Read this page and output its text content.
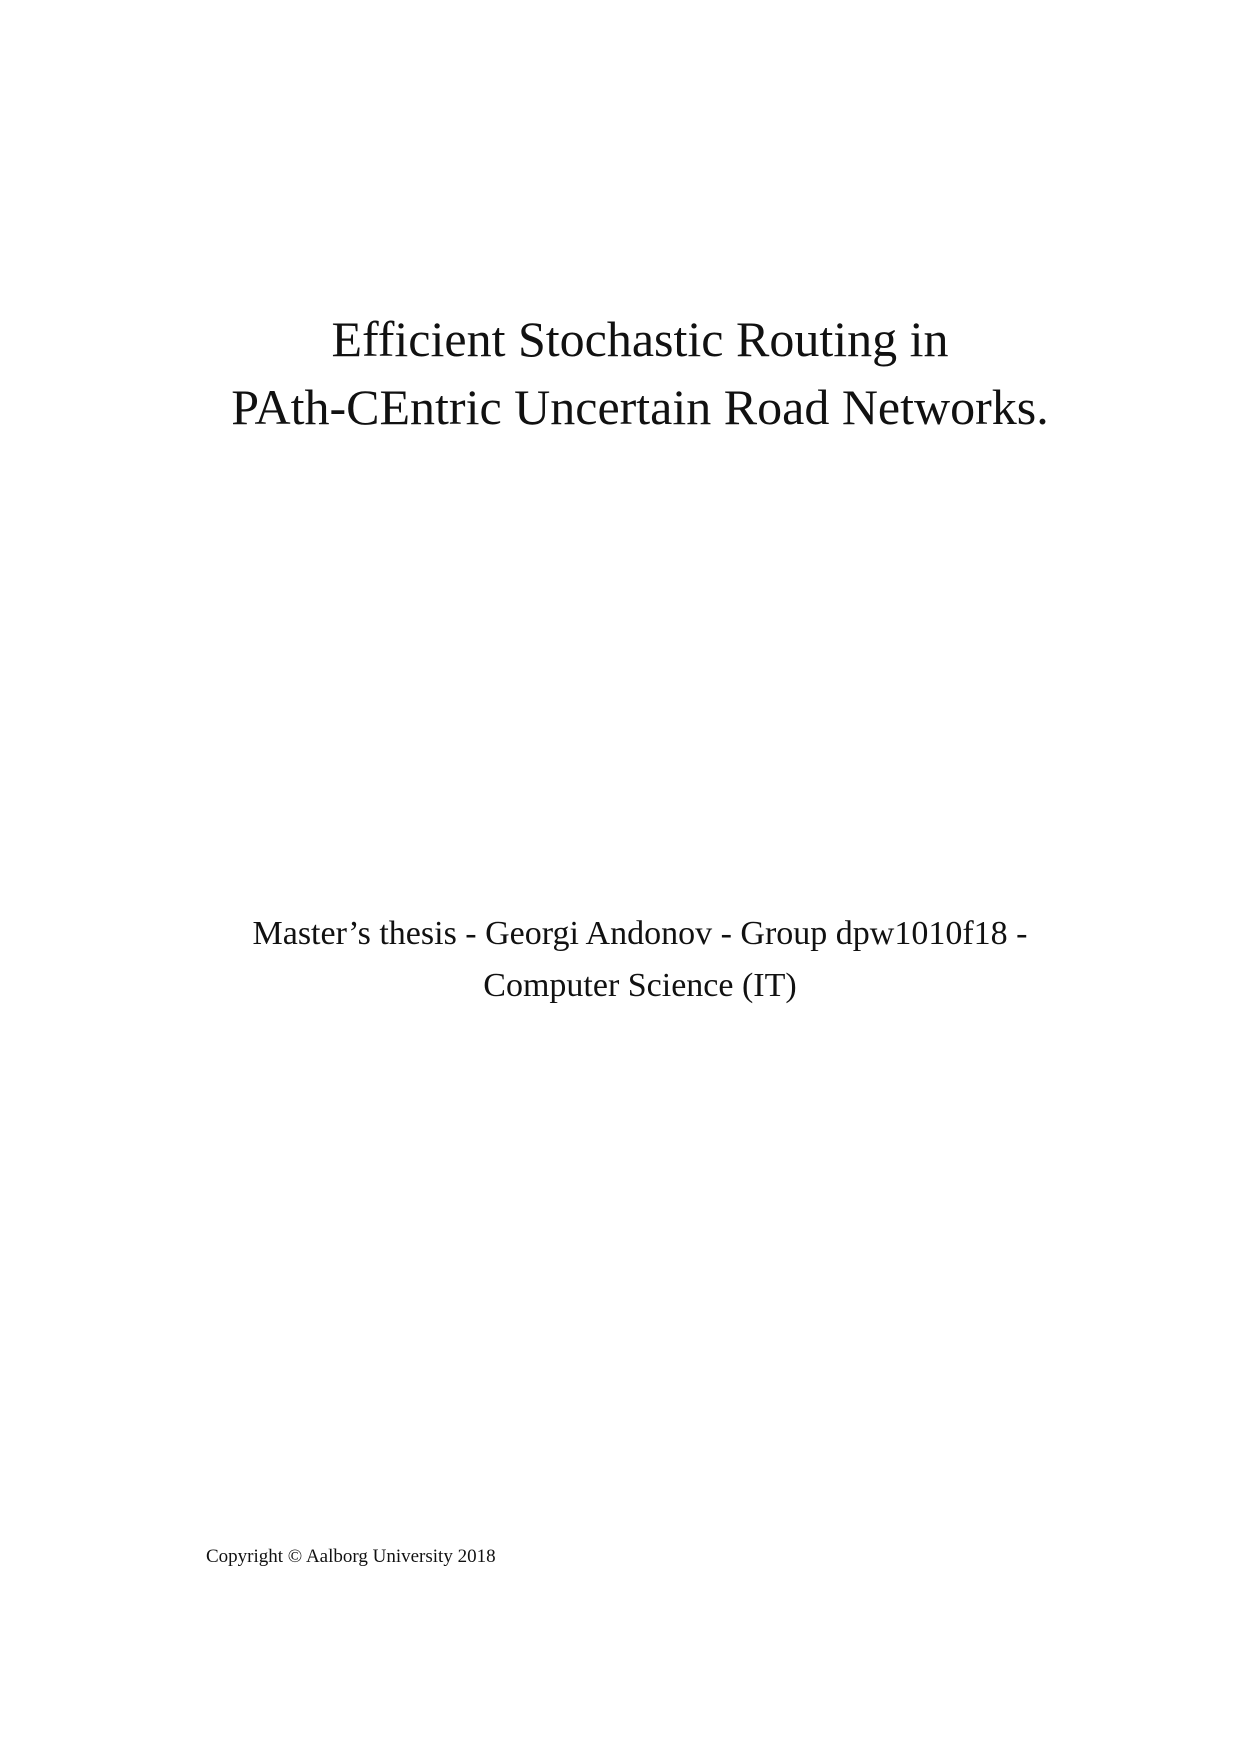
Efficient Stochastic Routing in
PAth-CEntric Uncertain Road Networks.

Master’s thesis - Georgi Andonov - Group dpw1010f18 -
Computer Science (IT)

Copyright © Aalborg University 2018
